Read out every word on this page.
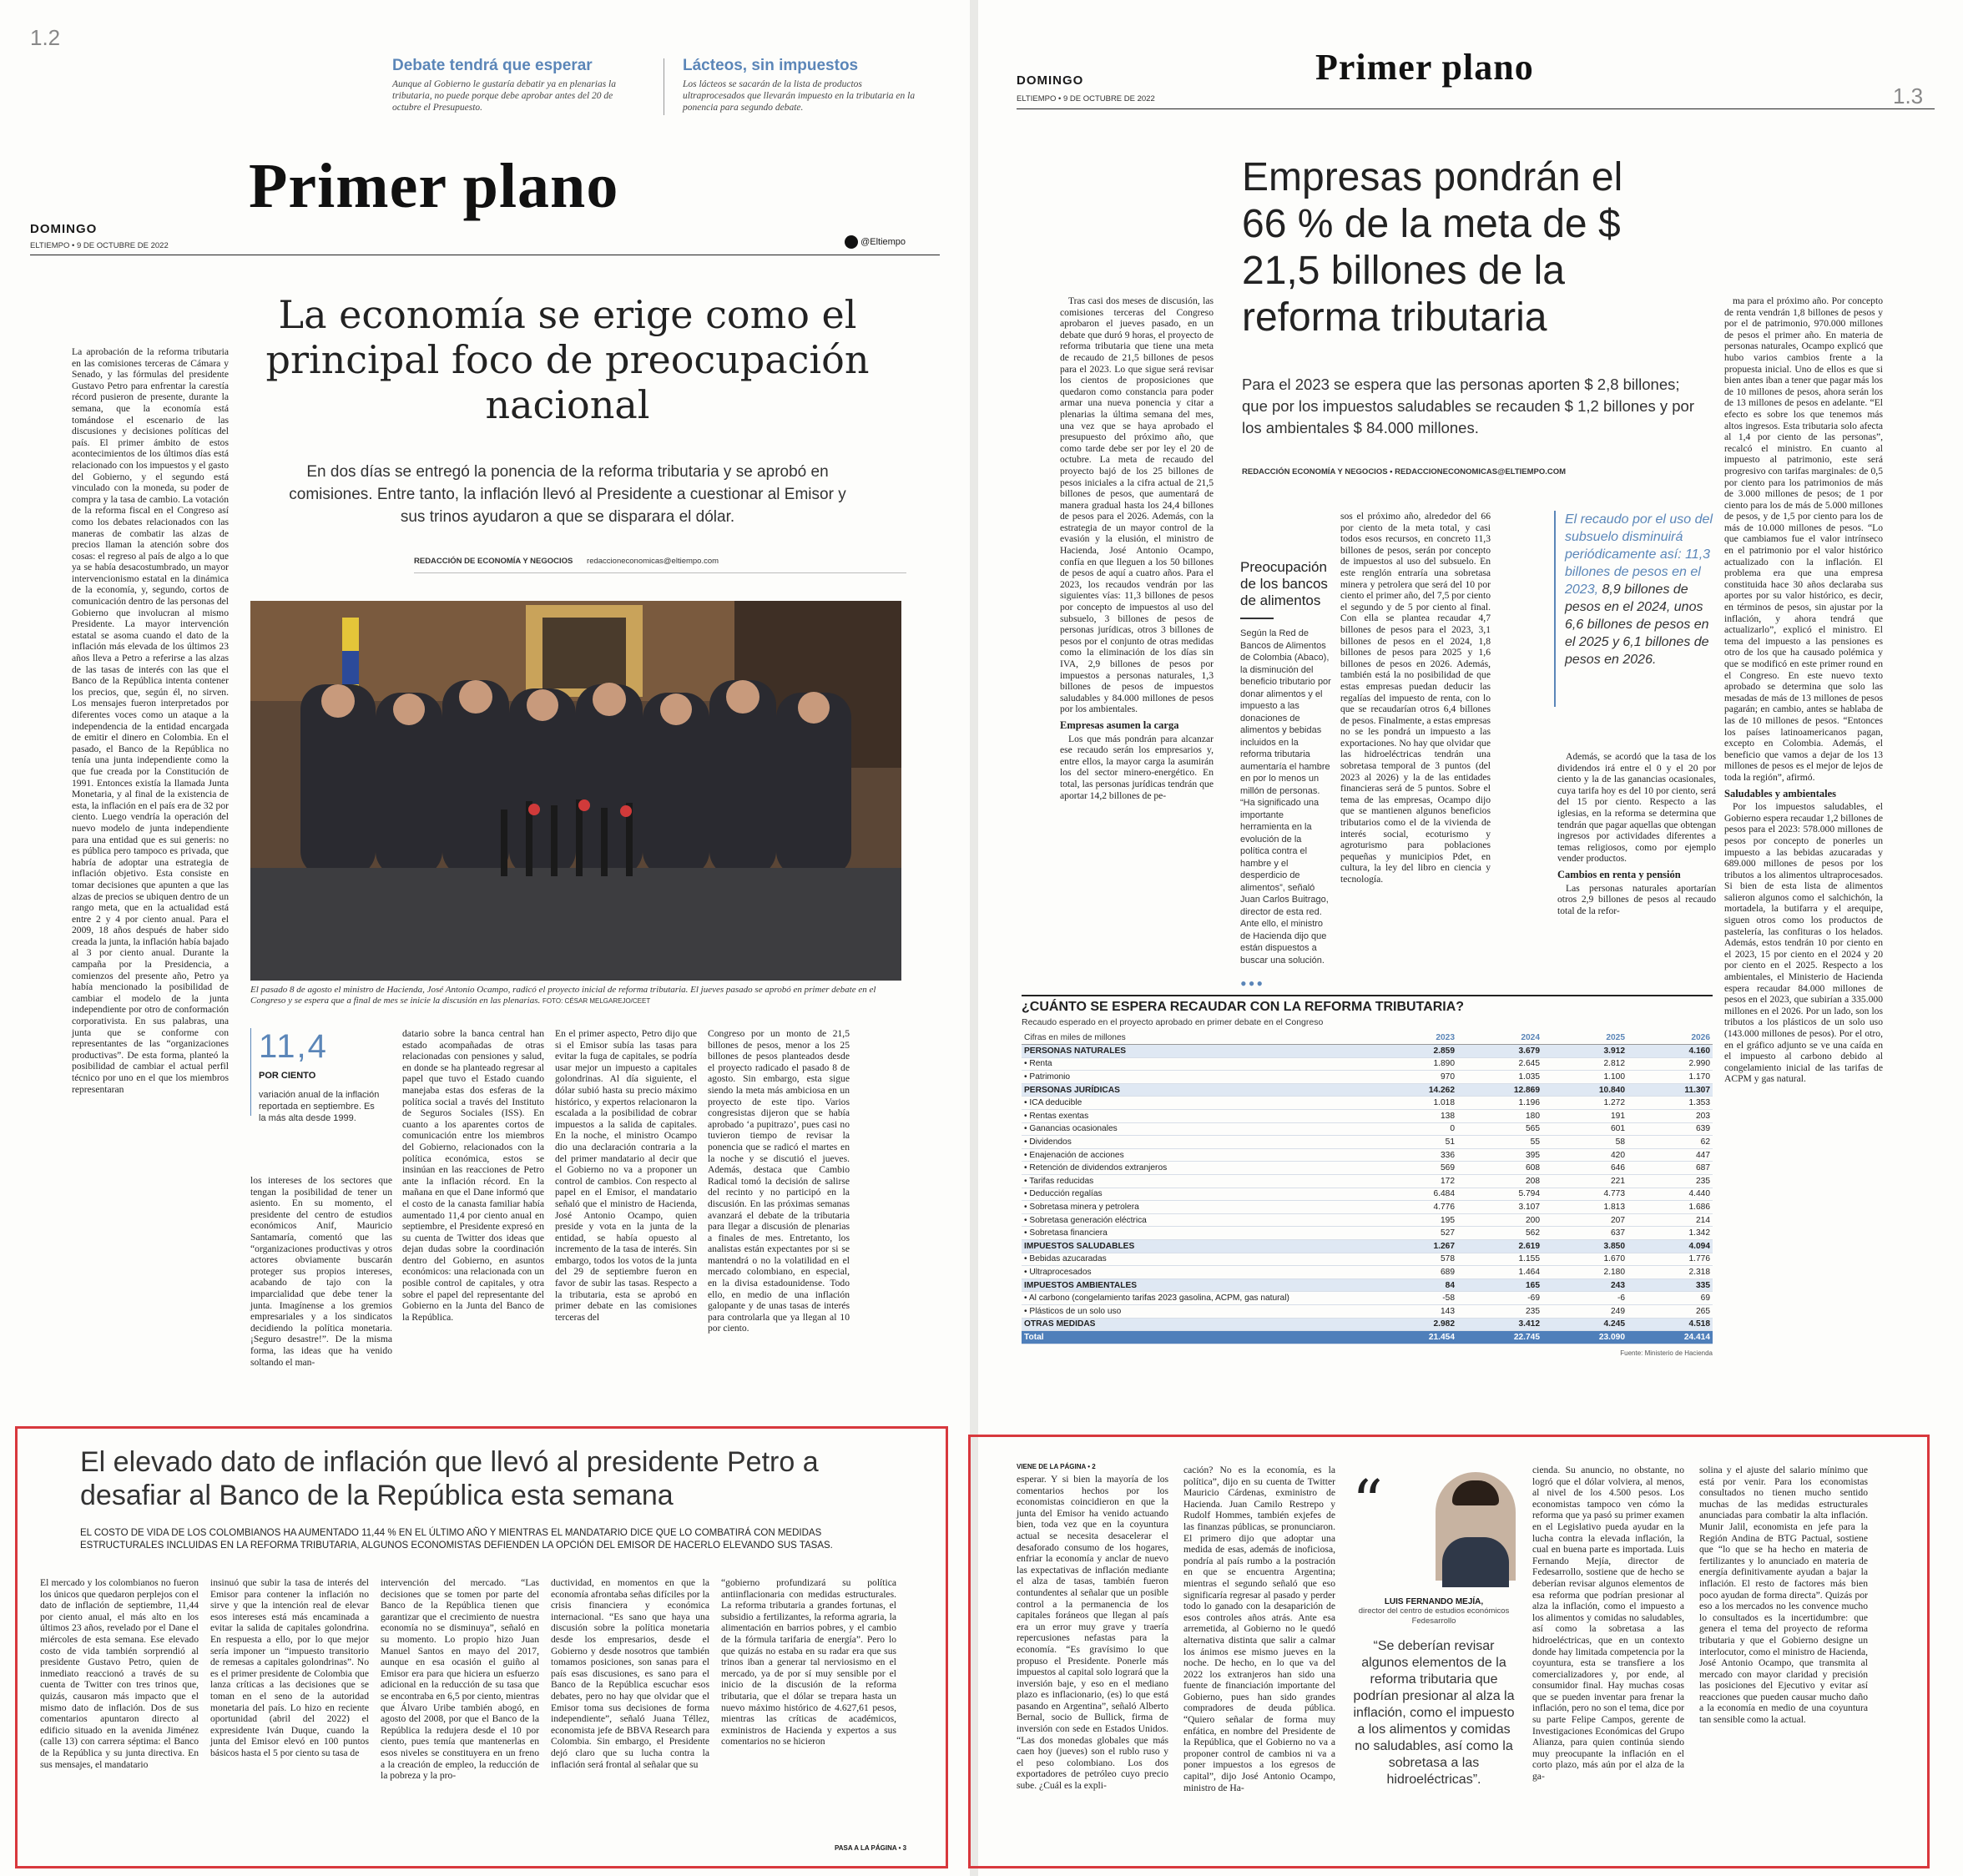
1.2
Debate tendrá que esperar
Aunque al Gobierno le gustaría debatir ya en plenarias la tributaria, no puede porque debe aprobar antes del 20 de octubre el Presupuesto.
Lácteos, sin impuestos
Los lácteos se sacarán de la lista de productos ultraprocesados que llevarán impuesto en la tributaria en la ponencia para segundo debate.
Primer plano
DOMINGO
ELTIEMPO • 9 DE OCTUBRE DE 2022	@Eltiempo
La economía se erige como el principal foco de preocupación nacional
En dos días se entregó la ponencia de la reforma tributaria y se aprobó en comisiones. Entre tanto, la inflación llevó al Presidente a cuestionar al Emisor y sus trinos ayudaron a que se disparara el dólar.
REDACCIÓN DE ECONOMÍA Y NEGOCIOS redaccioneconomicas@eltiempo.com
La aprobación de la reforma tributaria en las comisiones terceras de Cámara y Senado, y las fórmulas del presidente Gustavo Petro para enfrentar la carestía récord pusieron de presente, durante la semana, que la economía está tomándose el escenario de las discusiones y decisiones políticas del país. El primer ámbito de estos acontecimientos de los últimos días está relacionado con los impuestos y el gasto del Gobierno, y el segundo está vinculado con la moneda, su poder de compra y la tasa de cambio. La votación de la reforma fiscal en el Congreso así como los debates relacionados con las maneras de combatir las alzas de precios llaman la atención sobre dos cosas: el regreso al país de algo a lo que ya se había desacostumbrado, un mayor intervencionismo estatal en la dinámica de la economía, y, segundo, cortos de comunicación dentro de las personas del Gobierno que involucran al mismo Presidente. La mayor intervención estatal se asoma cuando el dato de la inflación más elevada de los últimos 23 años lleva a Petro a referirse a las alzas de las tasas de interés con las que el Banco de la República intenta contener los precios, que, según él, no sirven. Los mensajes fueron interpretados por diferentes voces como un ataque a la independencia de la entidad encargada de emitir el dinero en Colombia. En el pasado, el Banco de la República no tenía una junta independiente como la que fue creada por la Constitución de 1991. Entonces existía la llamada Junta Monetaria, y al final de la existencia de esta, la inflación en el país era de 32 por ciento. Luego vendría la operación del nuevo modelo de junta independiente para una entidad que es sui generis: no es pública pero tampoco es privada, que habría de adoptar una estrategia de inflación objetivo. Esta consiste en tomar decisiones que apunten a que las alzas de precios se ubiquen dentro de un rango meta, que en la actualidad está entre 2 y 4 por ciento anual. Para el 2009, 18 años después de haber sido creada la junta, la inflación había bajado al 3 por ciento anual. Durante la campaña por la Presidencia, a comienzos del presente año, Petro ya había mencionado la posibilidad de cambiar el modelo de la junta independiente por otro de conformación corporativista. En sus palabras, una junta que se conforme con representantes de las “organizaciones productivas”. De esta forma, planteó la posibilidad de cambiar el actual perfil técnico por uno en el que los miembros representaran
El pasado 8 de agosto el ministro de Hacienda, José Antonio Ocampo, radicó el proyecto inicial de reforma tributaria. El jueves pasado se aprobó en primer debate en el Congreso y se espera que a final de mes se inicie la discusión en las plenarias. FOTO: CÉSAR MELGAREJO/CEET
11,4
POR CIENTO
variación anual de la inflación reportada en septiembre. Es la más alta desde 1999.
los intereses de los sectores que tengan la posibilidad de tener un asiento. En su momento, el presidente del centro de estudios económicos Anif, Mauricio Santamaría, comentó que las “organizaciones productivas y otros actores obviamente buscarán proteger sus propios intereses, acabando de tajo con la imparcialidad que debe tener la junta. Imagínense a los gremios empresariales y a los sindicatos decidiendo la política monetaria. ¡Seguro desastre!”. De la misma forma, las ideas que ha venido soltando el man-
datario sobre la banca central han estado acompañadas de otras relacionadas con pensiones y salud, en donde se ha planteado regresar al papel que tuvo el Estado cuando manejaba estas dos esferas de la política social a través del Instituto de Seguros Sociales (ISS). En cuanto a los aparentes cortos de comunicación entre los miembros del Gobierno, relacionados con la política económica, estos se insinúan en las reacciones de Petro ante la inflación récord. En la mañana en que el Dane informó que el costo de la canasta familiar había aumentado 11,4 por ciento anual en septiembre, el Presidente expresó en su cuenta de Twitter dos ideas que dejan dudas sobre la coordinación dentro del Gobierno, en asuntos económicos: una relacionada con un posible control de capitales, y otra sobre el papel del representante del Gobierno en la Junta del Banco de la República.
En el primer aspecto, Petro dijo que si el Emisor subía las tasas para evitar la fuga de capitales, se podría usar mejor un impuesto a capitales golondrinas. Al día siguiente, el dólar subió hasta su precio máximo histórico, y expertos relacionaron la escalada a la posibilidad de cobrar impuestos a la salida de capitales. En la noche, el ministro Ocampo dio una declaración contraria a la del primer mandatario al decir que el Gobierno no va a proponer un control de cambios. Con respecto al papel en el Emisor, el mandatario señaló que el ministro de Hacienda, José Antonio Ocampo, quien preside y vota en la junta de la entidad, se había opuesto al incremento de la tasa de interés. Sin embargo, todos los votos de la junta del 29 de septiembre fueron en favor de subir las tasas. Respecto a la tributaria, esta se aprobó en primer debate en las comisiones terceras del
Congreso por un monto de 21,5 billones de pesos, menor a los 25 billones de pesos planteados desde el proyecto radicado el pasado 8 de agosto. Sin embargo, esta sigue siendo la meta más ambiciosa en un proyecto de este tipo. Varios congresistas dijeron que se había aprobado ‘a pupitrazo’, pues casi no tuvieron tiempo de revisar la ponencia que se radicó el martes en la noche y se discutió el jueves. Además, destaca que Cambio Radical tomó la decisión de salirse del recinto y no participó en la discusión. En las próximas semanas avanzará el debate de la tributaria para llegar a discusión de plenarias a finales de mes. Entretanto, los analistas están expectantes por si se mantendrá o no la volatilidad en el mercado colombiano, en especial, en la divisa estadounidense. Todo ello, en medio de una inflación galopante y de unas tasas de interés para controlarla que ya llegan al 10 por ciento.
El elevado dato de inflación que llevó al presidente Petro a desafiar al Banco de la República esta semana
EL COSTO DE VIDA DE LOS COLOMBIANOS HA AUMENTADO 11,44 % EN EL ÚLTIMO AÑO Y MIENTRAS EL MANDATARIO DICE QUE LO COMBATIRÁ CON MEDIDAS ESTRUCTURALES INCLUIDAS EN LA REFORMA TRIBUTARIA, ALGUNOS ECONOMISTAS DEFIENDEN LA OPCIÓN DEL EMISOR DE HACERLO ELEVANDO SUS TASAS.
El mercado y los colombianos no fueron los únicos que quedaron perplejos con el dato de inflación de septiembre, 11,44 por ciento anual, el más alto en los últimos 23 años, revelado por el Dane el miércoles de esta semana. Ese elevado costo de vida también sorprendió al presidente Gustavo Petro, quien de inmediato reaccionó a través de su cuenta de Twitter con tres trinos que, quizás, causaron más impacto que el mismo dato de inflación. Dos de sus comentarios apuntaron directo al edificio situado en la avenida Jiménez (calle 13) con carrera séptima: el Banco de la República y su junta directiva. En sus mensajes, el mandatario
insinuó que subir la tasa de interés del Emisor para contener la inflación no sirve y que la intención real de elevar esos intereses está más encaminada a evitar la salida de capitales golondrina. En respuesta a ello, por lo que mejor sería imponer un “impuesto transitorio de remesas a capitales golondrinas”. No es el primer presidente de Colombia que lanza críticas a las decisiones que se toman en el seno de la autoridad monetaria del país. Lo hizo en reciente oportunidad (abril del 2022) el expresidente Iván Duque, cuando la junta del Emisor elevó en 100 puntos básicos hasta el 5 por ciento su tasa de
intervención del mercado. “Las decisiones que se tomen por parte del Banco de la República tienen que garantizar que el crecimiento de nuestra economía no se disminuya”, señaló en su momento. Lo propio hizo Juan Manuel Santos en mayo del 2017, aunque en esa ocasión el guiño al Emisor era para que hiciera un esfuerzo adicional en la reducción de su tasa que se encontraba en 6,5 por ciento, mientras que Álvaro Uribe también abogó, en agosto del 2008, por que el Banco de la República la redujera desde el 10 por ciento, pues temía que mantenerlas en esos niveles se constituyera en un freno a la creación de empleo, la reducción de la pobreza y la pro-
ductividad, en momentos en que la economía afrontaba señas difíciles por la crisis financiera y económica internacional. “Es sano que haya una discusión sobre la política monetaria desde los empresarios, desde el Gobierno y desde nosotros que también tomamos posiciones, son sanas para el país esas discusiones, es sano para el Banco de la República escuchar esos debates, pero no hay que olvidar que el Emisor toma sus decisiones de forma independiente”, señaló Juana Téllez, economista jefe de BBVA Research para Colombia. Sin embargo, el Presidente dejó claro que su lucha contra la inflación será frontal al señalar que su
“gobierno profundizará su política antiinflacionaria con medidas estructurales. La reforma tributaria a grandes fortunas, el subsidio a fertilizantes, la reforma agraria, la alimentación en barrios pobres, y el cambio de la fórmula tarifaria de energía”. Pero lo que quizás no estaba en su radar era que sus trinos iban a generar tal nerviosismo en el mercado, ya de por sí muy sensible por el inicio de la discusión de la reforma tributaria, que el dólar se trepara hasta un nuevo máximo histórico de 4.627,61 pesos, mientras las críticas de académicos, exministros de Hacienda y expertos a sus comentarios no se hicieron
PASA A LA PÁGINA • 3
DOMINGO
ELTIEMPO • 9 DE OCTUBRE DE 2022
Primer plano
1.3
Empresas pondrán el 66 % de la meta de $ 21,5 billones de la reforma tributaria
Para el 2023 se espera que las personas aporten $ 2,8 billones; que por los impuestos saludables se recauden $ 1,2 billones y por los ambientales $ 84.000 millones.
REDACCIÓN ECONOMÍA Y NEGOCIOS • REDACCIONECONOMICAS@ELTIEMPO.COM

Tras casi dos meses de discusión, las comisiones terceras del Congreso aprobaron el jueves pasado, en un debate que duró 9 horas, el proyecto de reforma tributaria que tiene una meta de recaudo de 21,5 billones de pesos para el 2023. Lo que sigue será revisar los cientos de proposiciones que quedaron como constancia para poder armar una nueva ponencia y citar a plenarias la última semana del mes, una vez que se haya aprobado el presupuesto del próximo año, que como tarde debe ser por ley el 20 de octubre. La meta de recaudo del proyecto bajó de los 25 billones de pesos iniciales a la cifra actual de 21,5 billones de pesos, que aumentará de manera gradual hasta los 24,4 billones de pesos para el 2026. Además, con la estrategia de un mayor control de la evasión y la elusión, el ministro de Hacienda, José Antonio Ocampo, confía en que lleguen a los 50 billones de pesos de aquí a cuatro años. Para el 2023, los recaudos vendrán por las siguientes vías: 11,3 billones de pesos por concepto de impuestos al uso del subsuelo, 3 billones de pesos de personas jurídicas, otros 3 billones de pesos por el conjunto de otras medidas como la eliminación de los días sin IVA, 2,9 billones de pesos por impuestos a personas naturales, 1,3 billones de pesos de impuestos saludables y 84.000 millones de pesos por los ambientales.

Empresas asumen la carga

Los que más pondrán para alcanzar ese recaudo serán los empresarios y, entre ellos, la mayor carga la asumirán los del sector minero-energético. En total, las personas jurídicas tendrán que aportar 14,2 billones de pe-

Preocupación de los bancos de alimentos
Según la Red de Bancos de Alimentos de Colombia (Abaco), la disminución del beneficio tributario por donar alimentos y el impuesto a las donaciones de alimentos y bebidas incluidos en la reforma tributaria aumentaría el hambre en por lo menos un millón de personas. “Ha significado una importante herramienta en la evolución de la política contra el hambre y el desperdicio de alimentos”, señaló Juan Carlos Buitrago, director de esta red. Ante ello, el ministro de Hacienda dijo que están dispuestos a buscar una solución.
•••
sos el próximo año, alrededor del 66 por ciento de la meta total, y casi todos esos recursos, en concreto 11,3 billones de pesos, serán por concepto de impuestos al uso del subsuelo. En este renglón entraría una sobretasa minera y petrolera que será del 10 por ciento el primer año, del 7,5 por ciento el segundo y de 5 por ciento al final. Con ella se plantea recaudar 4,7 billones de pesos para el 2023, 3,1 billones de pesos en el 2024, 1,8 billones de pesos para 2025 y 1,6 billones de pesos en 2026. Además, también está la no posibilidad de que estas empresas puedan deducir las regalías del impuesto de renta, con lo que se recaudarían otros 6,4 billones de pesos. Finalmente, a estas empresas no se les pondrá un impuesto a las exportaciones. No hay que olvidar que las hidroeléctricas tendrán una sobretasa temporal de 3 puntos (del 2023 al 2026) y la de las entidades financieras será de 5 puntos. Sobre el tema de las empresas, Ocampo dijo que se mantienen algunos beneficios tributarios como el de la vivienda de interés social, ecoturismo y agroturismo para poblaciones pequeñas y municipios Pdet, en cultura, la ley del libro en ciencia y tecnología.
El recaudo por el uso del subsuelo disminuirá periódicamente así: 11,3 billones de pesos en el 2023, 8,9 billones de pesos en el 2024, unos 6,6 billones de pesos en el 2025 y 6,1 billones de pesos en 2026.

Además, se acordó que la tasa de los dividendos irá entre el 0 y el 20 por ciento y la de las ganancias ocasionales, cuya tarifa hoy es del 10 por ciento, será del 15 por ciento. Respecto a las iglesias, en la reforma se determina que tendrán que pagar aquellas que obtengan ingresos por actividades diferentes a temas religiosos, como por ejemplo vender productos.

Cambios en renta y pensión

Las personas naturales aportarían otros 2,9 billones de pesos al recaudo total de la refor-

ma para el próximo año. Por concepto de renta vendrán 1,8 billones de pesos y por el de patrimonio, 970.000 millones de pesos el primer año. En materia de personas naturales, Ocampo explicó que hubo varios cambios frente a la propuesta inicial. Uno de ellos es que si bien antes iban a tener que pagar más los de 10 millones de pesos, ahora serán los de 13 millones de pesos en adelante. “El efecto es sobre los que tenemos más altos ingresos. Esta tributaria solo afecta al 1,4 por ciento de las personas”, recalcó el ministro. En cuanto al impuesto al patrimonio, este será progresivo con tarifas marginales: de 0,5 por ciento para los patrimonios de más de 3.000 millones de pesos; de 1 por ciento para los de más de 5.000 millones de pesos, y de 1,5 por ciento para los de más de 10.000 millones de pesos. “Lo que cambiamos fue el valor intrínseco en el patrimonio por el valor histórico actualizado con la inflación. El problema era que una empresa constituida hace 30 años declaraba sus aportes por su valor histórico, es decir, en términos de pesos, sin ajustar por la inflación, y ahora tendrá que actualizarlo”, explicó el ministro. El tema del impuesto a las pensiones es otro de los que ha causado polémica y que se modificó en este primer round en el Congreso. En este nuevo texto aprobado se determina que solo las mesadas de más de 13 millones de pesos pagarán; en cambio, antes se hablaba de las de 10 millones de pesos. “Entonces los países latinoamericanos pagan, excepto en Colombia. Además, el beneficio que vamos a dejar de los 13 millones de pesos es el mejor de lejos de toda la región”, afirmó.

Saludables y ambientales

Por los impuestos saludables, el Gobierno espera recaudar 1,2 billones de pesos para el 2023: 578.000 millones de pesos por concepto de ponerles un impuesto a las bebidas azucaradas y 689.000 millones de pesos por los tributos a los alimentos ultraprocesados. Si bien de esta lista de alimentos salieron algunos como el salchichón, la mortadela, la butifarra y el arequipe, siguen otros como los productos de pastelería, las confituras o los helados. Además, estos tendrán 10 por ciento en el 2023, 15 por ciento en el 2024 y 20 por ciento en el 2025. Respecto a los ambientales, el Ministerio de Hacienda espera recaudar 84.000 millones de pesos en el 2023, que subirían a 335.000 millones en el 2026. Por un lado, son los tributos a los plásticos de un solo uso (143.000 millones de pesos). Por el otro, en el gráfico adjunto se ve una caída en el impuesto al carbono debido al congelamiento inicial de las tarifas de ACPM y gas natural.

¿CUÁNTO SE ESPERA RECAUDAR CON LA REFORMA TRIBUTARIA?
Recaudo esperado en el proyecto aprobado en primer debate en el Congreso
Cifras en miles de millones	2023	2024	2025	2026
PERSONAS NATURALES	2.859	3.679	3.912	4.160
• Renta	1.890	2.645	2.812	2.990
• Patrimonio	970	1.035	1.100	1.170
PERSONAS JURÍDICAS	14.262	12.869	10.840	11.307
• ICA deducible	1.018	1.196	1.272	1.353
• Rentas exentas	138	180	191	203
• Ganancias ocasionales	0	565	601	639
• Dividendos	51	55	58	62
• Enajenación de acciones	336	395	420	447
• Retención de dividendos extranjeros	569	608	646	687
• Tarifas reducidas	172	208	221	235
• Deducción regalías	6.484	5.794	4.773	4.440
• Sobretasa minera y petrolera	4.776	3.107	1.813	1.686
• Sobretasa generación eléctrica	195	200	207	214
• Sobretasa financiera	527	562	637	1.342
IMPUESTOS SALUDABLES	1.267	2.619	3.850	4.094
• Bebidas azucaradas	578	1.155	1.670	1.776
• Ultraprocesados	689	1.464	2.180	2.318
IMPUESTOS AMBIENTALES	84	165	243	335
• Al carbono (congelamiento tarifas 2023 gasolina, ACPM, gas natural)	-58	-69	-6	69
• Plásticos de un solo uso	143	235	249	265
OTRAS MEDIDAS	2.982	3.412	4.245	4.518
Total	21.454	22.745	23.090	24.414
Fuente: Ministerio de Hacienda
VIENE DE LA PÁGINA • 2
esperar. Y si bien la mayoría de los comentarios hechos por los economistas coincidieron en que la junta del Emisor ha venido actuando bien, toda vez que en la coyuntura actual se necesita desacelerar el desaforado consumo de los hogares, enfriar la economía y anclar de nuevo las expectativas de inflación mediante el alza de tasas, también fueron contundentes al señalar que un posible control a la permanencia de los capitales foráneos que llegan al país era un error muy grave y traería repercusiones nefastas para la economía. “Es gravísimo lo que propuso el Presidente. Ponerle más impuestos al capital solo logrará que la inversión baje, y eso en el mediano plazo es inflacionario, (es) lo que está pasando en Argentina”, señaló Alberto Bernal, socio de Bullick, firma de inversión con sede en Estados Unidos. “Las dos monedas globales que más caen hoy (jueves) son el rublo ruso y el peso colombiano. Los dos exportadores de petróleo cuyo precio sube. ¿Cuál es la expli-
cación? No es la economía, es la política”, dijo en su cuenta de Twitter Mauricio Cárdenas, exministro de Hacienda. Juan Camilo Restrepo y Rudolf Hommes, también exjefes de las finanzas públicas, se pronunciaron. El primero dijo que adoptar una medida de esas, además de inoficiosa, pondría al país rumbo a la postración en que se encuentra Argentina; mientras el segundo señaló que eso significaría regresar al pasado y perder todo lo ganado con la desaparición de esos controles años atrás. Ante esa arremetida, al Gobierno no le quedó alternativa distinta que salir a calmar los ánimos ese mismo jueves en la noche. De hecho, en lo que va del 2022 los extranjeros han sido una fuente de financiación importante del Gobierno, pues han sido grandes compradores de deuda pública. “Quiero señalar de forma muy enfática, en nombre del Presidente de la República, que el Gobierno no va a proponer control de cambios ni va a poner impuestos a los egresos de capital”, dijo José Antonio Ocampo, ministro de Ha-
“
LUIS FERNANDO MEJÍA,
director del centro de estudios económicos Fedesarrollo
“Se deberían revisar algunos elementos de la reforma tributaria que podrían presionar al alza la inflación, como el impuesto a los alimentos y comidas no saludables, así como la sobretasa a las hidroeléctricas”.
cienda. Su anuncio, no obstante, no logró que el dólar volviera, al menos, al nivel de los 4.500 pesos. Los economistas tampoco ven cómo la reforma que ya pasó su primer examen en el Legislativo pueda ayudar en la lucha contra la elevada inflación, la cual en buena parte es importada. Luis Fernando Mejía, director de Fedesarrollo, sostiene que de hecho se deberían revisar algunos elementos de esa reforma que podrían presionar al alza la inflación, como el impuesto a los alimentos y comidas no saludables, así como la sobretasa a las hidroeléctricas, que en un contexto donde hay limitada competencia por la coyuntura, esta se transfiere a los comercializadores y, por ende, al consumidor final. Hay muchas cosas que se pueden inventar para frenar la inflación, pero no son el tema, dice por su parte Felipe Campos, gerente de Investigaciones Económicas del Grupo Alianza, para quien continúa siendo muy preocupante la inflación en el corto plazo, más aún por el alza de la ga-
solina y el ajuste del salario mínimo que está por venir. Para los economistas consultados no tienen mucho sentido muchas de las medidas estructurales anunciadas para combatir la alta inflación. Munir Jalil, economista en jefe para la Región Andina de BTG Pactual, sostiene que “lo que se ha hecho en materia de fertilizantes y lo anunciado en materia de energía definitivamente ayudan a bajar la inflación. El resto de factores más bien poco ayudan de forma directa”. Quizás por eso a los mercados no les convence mucho lo consultados es la incertidumbre: que genera el tema del proyecto de reforma tributaria y que el Gobierno designe un interlocutor, como el ministro de Hacienda, José Antonio Ocampo, que transmita al mercado con mayor claridad y precisión las posiciones del Ejecutivo y evitar así reacciones que pueden causar mucho daño a la economía en medio de una coyuntura tan sensible como la actual.
